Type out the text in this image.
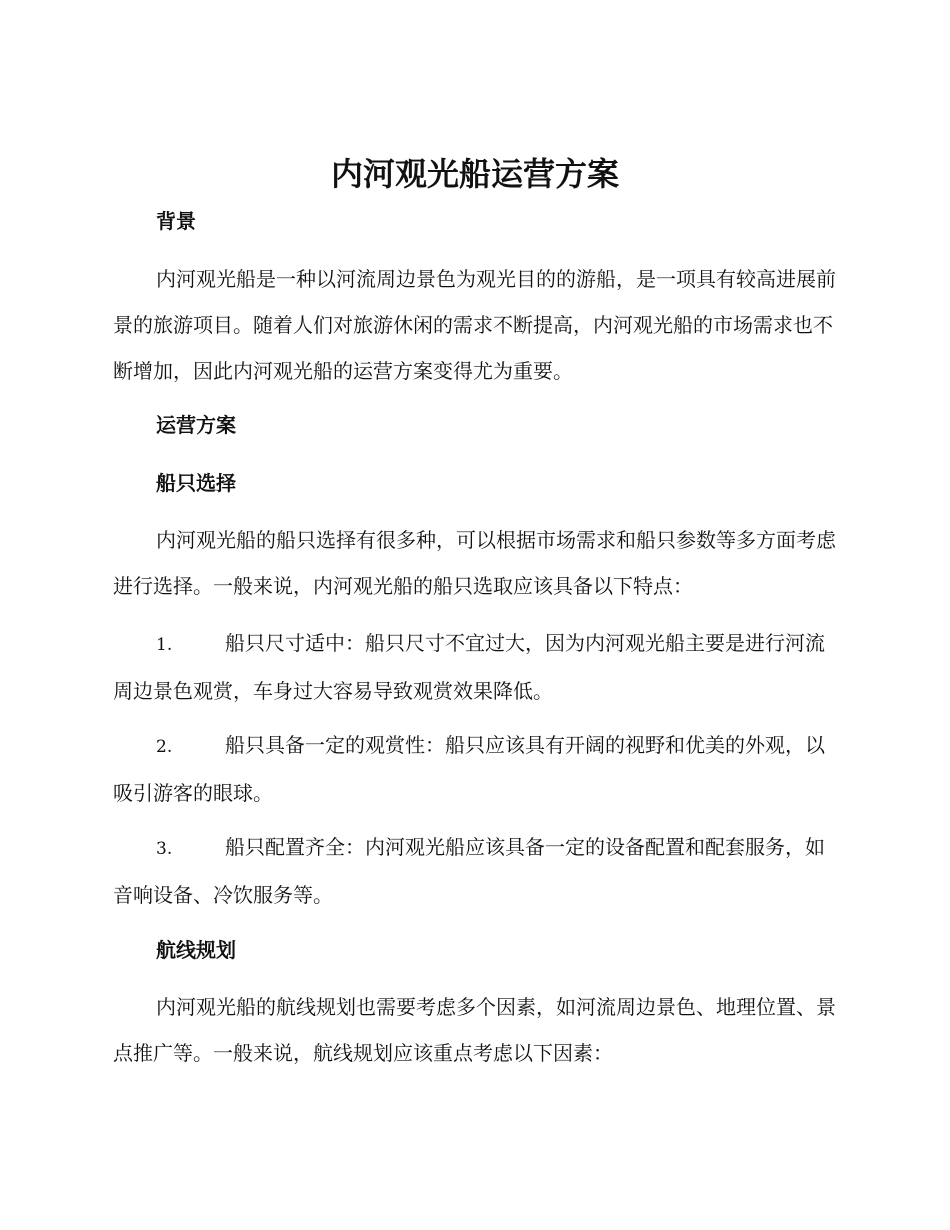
内河观光船运营方案
背景

内河观光船是一种以河流周边景色为观光目的的游船，是一项具有较高进展前景的旅游项目。随着人们对旅游休闲的需求不断提高，内河观光船的市场需求也不断增加，因此内河观光船的运营方案变得尤为重要。

运营方案
船只选择

内河观光船的船只选择有很多种，可以根据市场需求和船只参数等多方面考虑进行选择。一般来说，内河观光船的船只选取应该具备以下特点：

1.	船只尺寸适中：船只尺寸不宜过大，因为内河观光船主要是进行河流周边景色观赏，车身过大容易导致观赏效果降低。

2.	船只具备一定的观赏性：船只应该具有开阔的视野和优美的外观，以吸引游客的眼球。

3.	船只配置齐全：内河观光船应该具备一定的设备配置和配套服务，如音响设备、冷饮服务等。

航线规划

内河观光船的航线规划也需要考虑多个因素，如河流周边景色、地理位置、景点推广等。一般来说，航线规划应该重点考虑以下因素：
